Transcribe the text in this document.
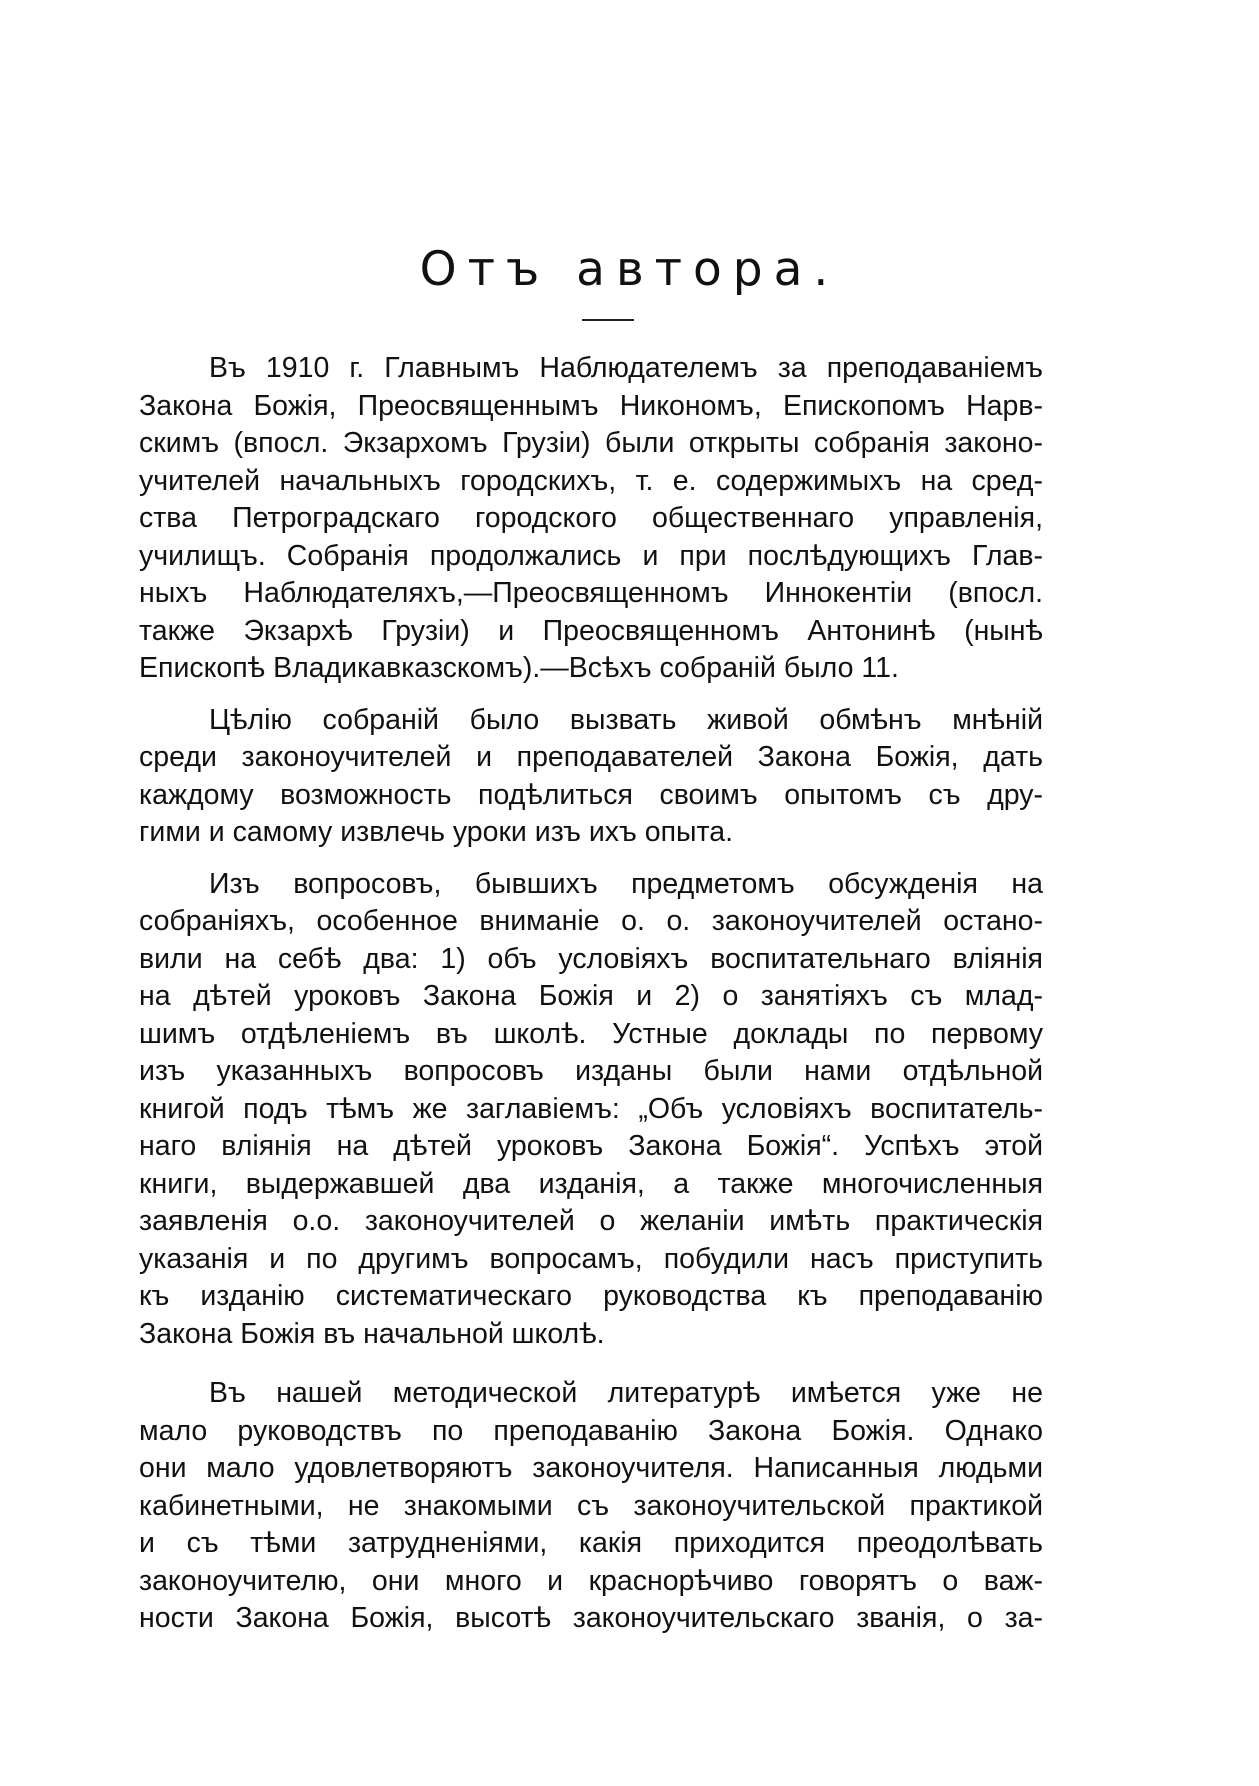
Отъ автора.
Въ 1910 г. Главнымъ Наблюдателемъ за преподаваніемъ
Закона Божія, Преосвященнымъ Никономъ, Епископомъ Нарв-
скимъ (впосл. Экзархомъ Грузіи) были открыты собранія законо-
учителей начальныхъ городскихъ, т. е. содержимыхъ на сред-
ства Петроградскаго городского общественнаго управленія,
училищъ. Собранія продолжались и при послѣдующихъ Глав-
ныхъ Наблюдателяхъ,—Преосвященномъ Иннокентіи (впосл.
также Экзархѣ Грузіи) и Преосвященномъ Антонинѣ (нынѣ
Епископѣ Владикавказскомъ).—Всѣхъ собраній было 11.
Цѣлію собраній было вызвать живой обмѣнъ мнѣній
среди законоучителей и преподавателей Закона Божія, дать
каждому возможность подѣлиться своимъ опытомъ съ дру-
гими и самому извлечь уроки изъ ихъ опыта.
Изъ вопросовъ, бывшихъ предметомъ обсужденія на
собраніяхъ, особенное вниманіе о. о. законоучителей остано-
вили на себѣ два: 1) объ условіяхъ воспитательнаго вліянія
на дѣтей уроковъ Закона Божія и 2) о занятіяхъ съ млад-
шимъ отдѣленіемъ въ школѣ. Устные доклады по первому
изъ указанныхъ вопросовъ изданы были нами отдѣльной
книгой подъ тѣмъ же заглавіемъ: „Объ условіяхъ воспитатель-
наго вліянія на дѣтей уроковъ Закона Божія“. Успѣхъ этой
книги, выдержавшей два изданія, а также многочисленныя
заявленія о.о. законоучителей о желаніи имѣть практическія
указанія и по другимъ вопросамъ, побудили насъ приступить
къ изданію систематическаго руководства къ преподаванію
Закона Божія въ начальной школѣ.
Въ нашей методической литературѣ имѣется уже не
мало руководствъ по преподаванію Закона Божія. Однако
они мало удовлетворяютъ законоучителя. Написанныя людьми
кабинетными, не знакомыми съ законоучительской практикой
и съ тѣми затрудненіями, какія приходится преодолѣвать
законоучителю, они много и краснорѣчиво говорятъ о важ-
ности Закона Божія, высотѣ законоучительскаго званія, о за-
